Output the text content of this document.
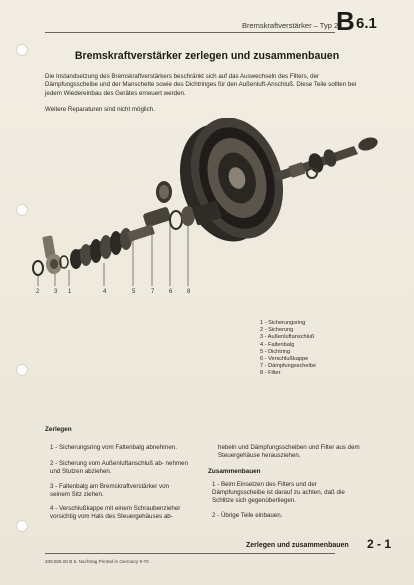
Bremskraftverstärker – Typ 2
B 6.1
Bremskraftverstärker zerlegen und zusammenbauen
Die Instandsetzung des Bremskraftverstärkers beschränkt sich auf das Auswechseln des Filters, der Dämpfungsscheibe und der Manschette sowie des Dichtringes für den Außenluft-Anschluß. Diese Teile sollten bei jedem Wiedereinbau des Gerätes erneuert werden.
Weitere Reparaturen sind nicht möglich.
2 3 1	4	5	7 6 8
1 - Sicherungsring
2 - Sicherung
3 - Außenluftanschluß
4 - Faltenbalg
5 - Dichtring
6 - Verschlußkappe
7 - Dämpfungsscheibe
8 - Filter
Zerlegen
1 - Sicherungsring vom Faltenbalg abnehmen.
2 - Sicherung vom Außenluftanschluß ab- nehmen und Stutzen abziehen.
3 - Faltenbalg am Bremskraftverstärker von seinem Sitz ziehen.
4 - Verschlußkappe mit einem Schraubenzieher vorsichtig vom Hals des Steuergehäuses ab-
hebeln und Dämpfungsscheiben und Filter aus dem Steuergehäuse herausziehen.
Zusammenbauen
1 - Beim Einsetzen des Filters und der Dämpfungsscheibe ist darauf zu achten, daß die Schlitze sich gegenüberliegen.
2 - Übrige Teile einbauen.
Zerlegen und zusammenbauen 2 - 1
338.505.00 B 5. Nachtrag Printed in Germany 9-70
